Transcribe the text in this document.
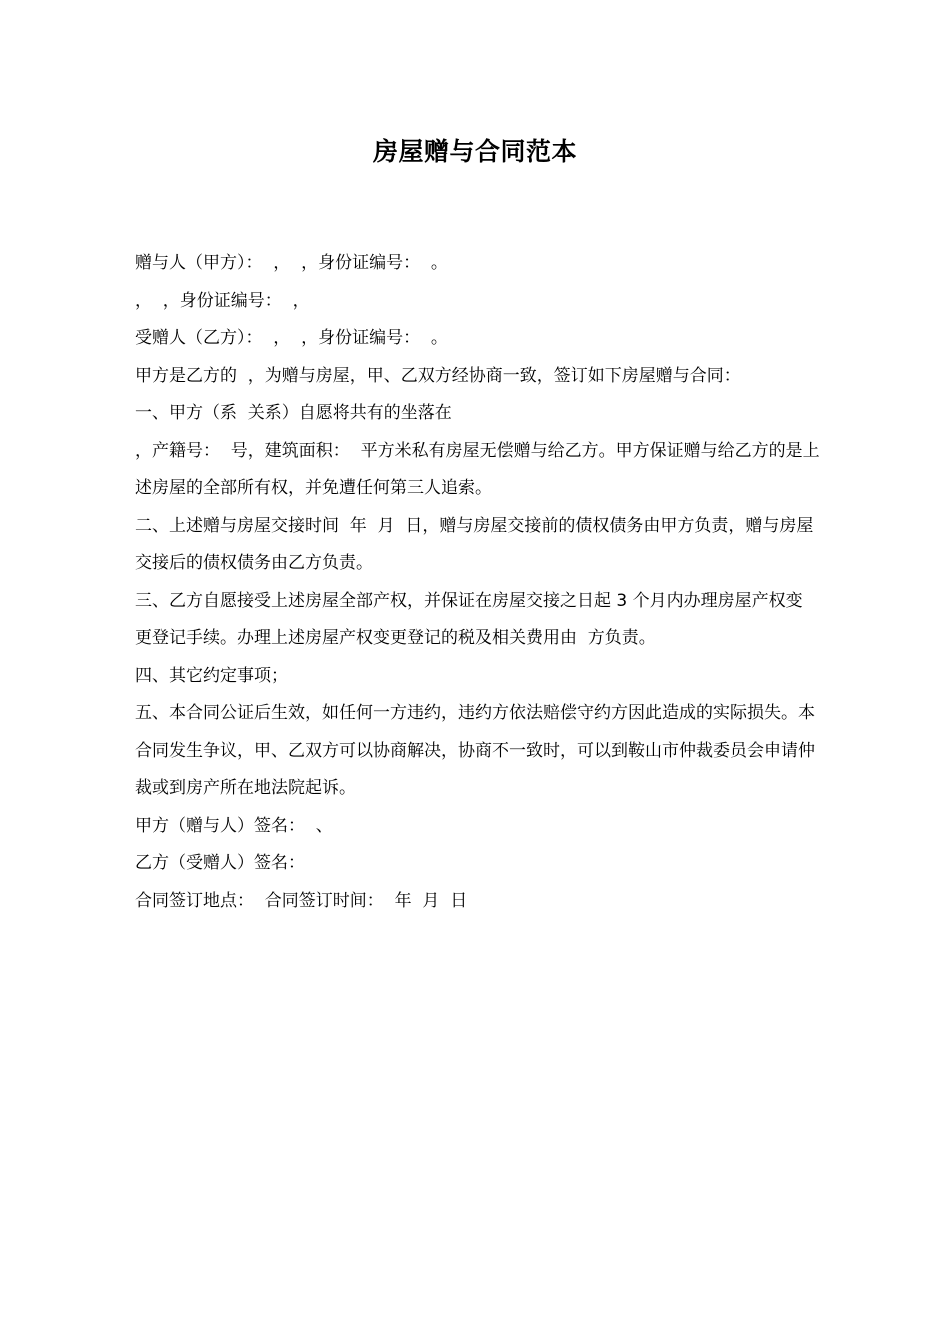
房屋赠与合同范本

赠与人（甲方）：  ，  ，身份证编号：  。

，  ，身份证编号：  ，

受赠人（乙方）：  ，  ，身份证编号：  。

甲方是乙方的  ，为赠与房屋，甲、乙双方经协商一致，签订如下房屋赠与合同：

一、甲方（系  关系）自愿将共有的坐落在

，产籍号：  号，建筑面积：  平方米私有房屋无偿赠与给乙方。甲方保证赠与给乙方的是上

述房屋的全部所有权，并免遭任何第三人追索。

二、上述赠与房屋交接时间  年  月  日，赠与房屋交接前的债权债务由甲方负责，赠与房屋

交接后的债权债务由乙方负责。

三、乙方自愿接受上述房屋全部产权，并保证在房屋交接之日起 3 个月内办理房屋产权变

更登记手续。办理上述房屋产权变更登记的税及相关费用由  方负责。

四、其它约定事项；

五、本合同公证后生效，如任何一方违约，违约方依法赔偿守约方因此造成的实际损失。本

合同发生争议，甲、乙双方可以协商解决，协商不一致时，可以到鞍山市仲裁委员会申请仲

裁或到房产所在地法院起诉。

甲方（赠与人）签名：  、

乙方（受赠人）签名：

合同签订地点：  合同签订时间：  年  月  日
